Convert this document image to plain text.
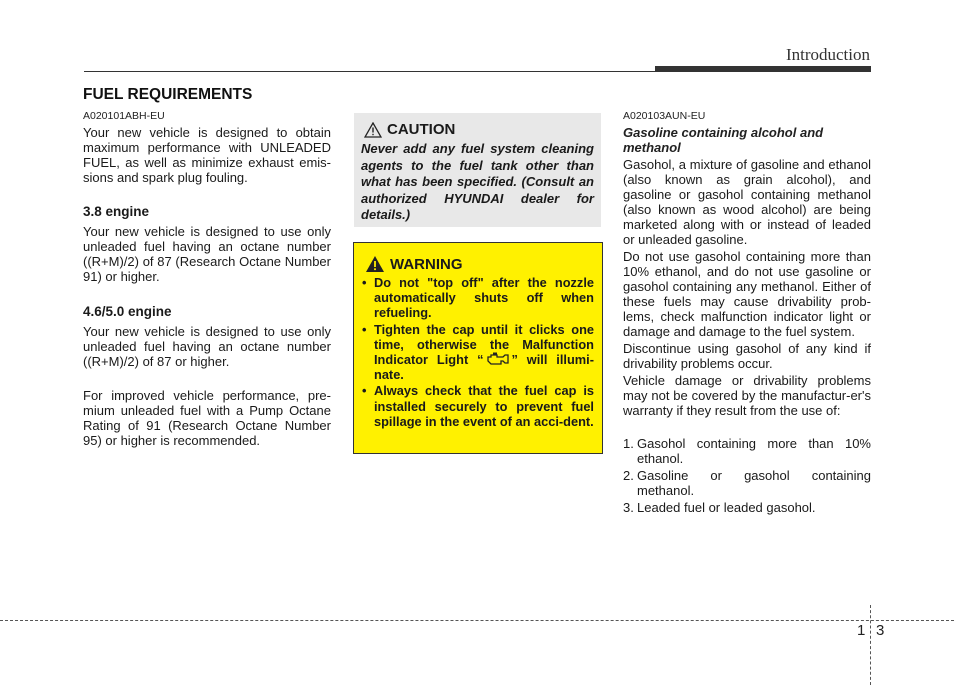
Introduction
FUEL REQUIREMENTS
A020101ABH-EU

Your new vehicle is designed to obtain maximum performance with UNLEADED FUEL, as well as minimize exhaust emis-sions and spark plug fouling.

3.8 engine

Your new vehicle is designed to use only unleaded fuel having an octane number ((R+M)/2) of 87 (Research Octane Number 91) or higher.

4.6/5.0 engine

Your new vehicle is designed to use only unleaded fuel having an octane number ((R+M)/2) of 87 or higher.

For improved vehicle performance, pre-mium unleaded fuel with a Pump Octane Rating of 91 (Research Octane Number 95) or higher is recommended.

CAUTION
Never add any fuel system cleaning agents to the fuel tank other than what has been specified. (Consult an authorized HYUNDAI dealer for details.)
WARNING
• Do not "top off" after the nozzle automatically shuts off when refueling.
• Tighten the cap until it clicks one time, otherwise the Malfunction Indicator Light “ ” will illumi-nate.
• Always check that the fuel cap is installed securely to prevent fuel spillage in the event of an acci-dent.
A020103AUN-EU
Gasoline containing alcohol and methanol

Gasohol, a mixture of gasoline and ethanol (also known as grain alcohol), and gasoline or gasohol containing methanol (also known as wood alcohol) are being marketed along with or instead of leaded or unleaded gasoline.

Do not use gasohol containing more than 10% ethanol, and do not use gasoline or gasohol containing any methanol. Either of these fuels may cause drivability prob-lems, check malfunction indicator light or damage and damage to the fuel system.

Discontinue using gasohol of any kind if drivability problems occur.

Vehicle damage or drivability problems may not be covered by the manufactur-er's warranty if they result from the use of:

1. Gasohol containing more than 10% ethanol.
2. Gasoline or gasohol containing methanol.
3. Leaded fuel or leaded gasohol.
1 3
